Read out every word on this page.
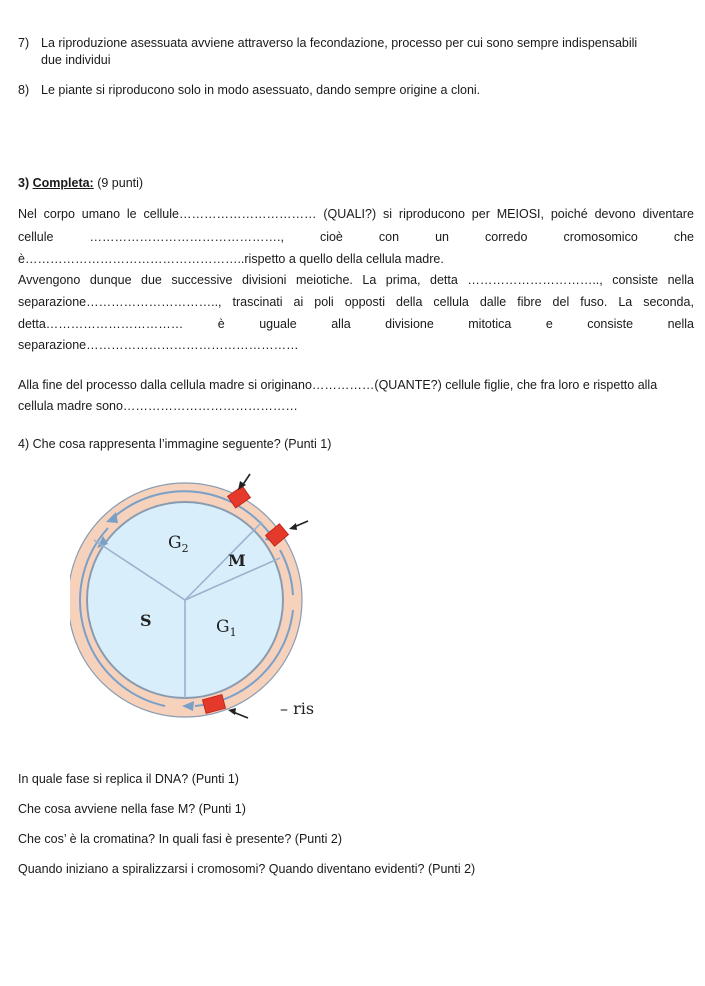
7) La riproduzione asessuata avviene attraverso la fecondazione, processo per cui sono sempre indispensabili
due individui
8) Le piante si riproducono solo in modo asessuato, dando sempre origine a cloni.
3) Completa: (9 punti)
Nel corpo umano le cellule…………………………… (QUALI?) si riproducono per MEIOSI, poiché devono diventare
cellule	……………………………………….,	cioè	con	un	corredo	cromosomico	che
è……………………………………………..rispetto a quello della cellula madre.
Avvengono dunque due successive divisioni meiotiche. La prima, detta ………………………….., consiste nella
separazione………………………….., trascinati ai poli opposti della cellula dalle fibre del fuso. La seconda,
detta……………………………	è	uguale	alla	divisione	mitotica	e	consiste	nella
separazione……………………………………………
Alla fine del processo dalla cellula madre si originano……………(QUANTE?) cellule figlie, che fra loro e rispetto alla
cellula madre sono……………………………………
4) Che cosa rappresenta l’immagine seguente? (Punti 1)
$G_2$
M
S	$G_1$
– ris
In quale fase si replica il DNA? (Punti 1)
Che cosa avviene nella fase M? (Punti 1)
Che cos’ è la cromatina? In quali fasi è presente? (Punti 2)
Quando iniziano a spiralizzarsi i cromosomi? Quando diventano evidenti? (Punti 2)
